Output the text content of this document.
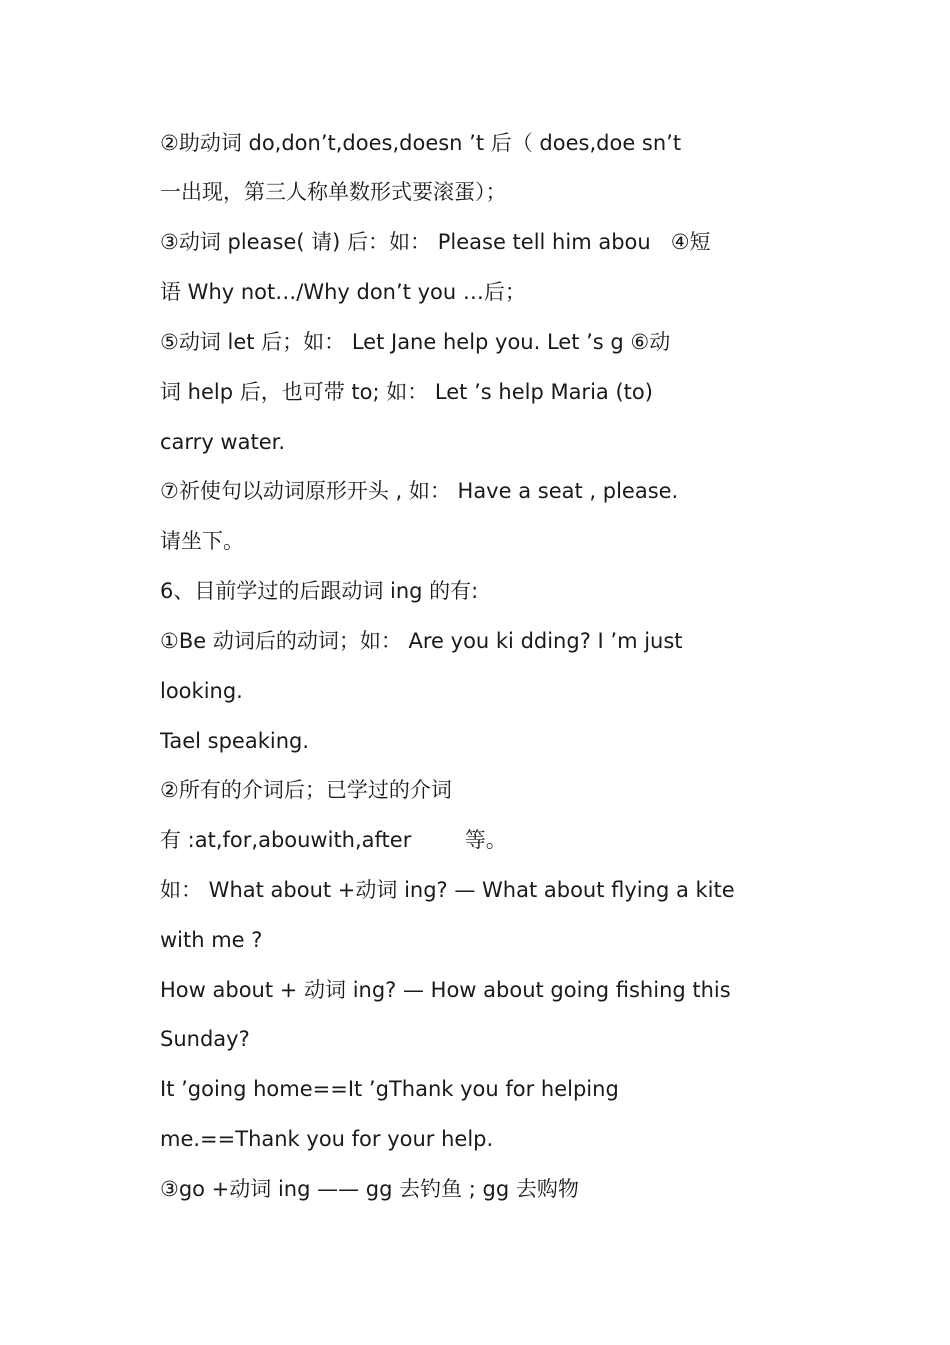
②助动词 do,don’t,does,doesn ’t 后（ does,doe sn’t
一出现，第三人称单数形式要滚蛋）；
③动词 please( 请) 后：如： Please tell him abou   ④短
语 Why not…/Why don’t you …后；
⑤动词 let 后；如： Let Jane help you. Let ’s g ⑥动
词 help 后，也可带 to; 如： Let ’s help Maria (to)
carry water.
⑦祈使句以动词原形开头 , 如： Have a seat , please.
请坐下。
6、目前学过的后跟动词 ing 的有:
①Be 动词后的动词；如： Are you ki dding? I ’m just
looking.
Tael speaking.
②所有的介词后；已学过的介词
有 :at,for,abouwith,after        等。
如： What about +动词 ing? — What about flying a kite
with me ?
How about + 动词 ing? — How about going fishing this
Sunday?
It ’going home==It ’gThank you for helping
me.==Thank you for your help.
③go +动词 ing —— gg 去钓鱼 ; gg 去购物
